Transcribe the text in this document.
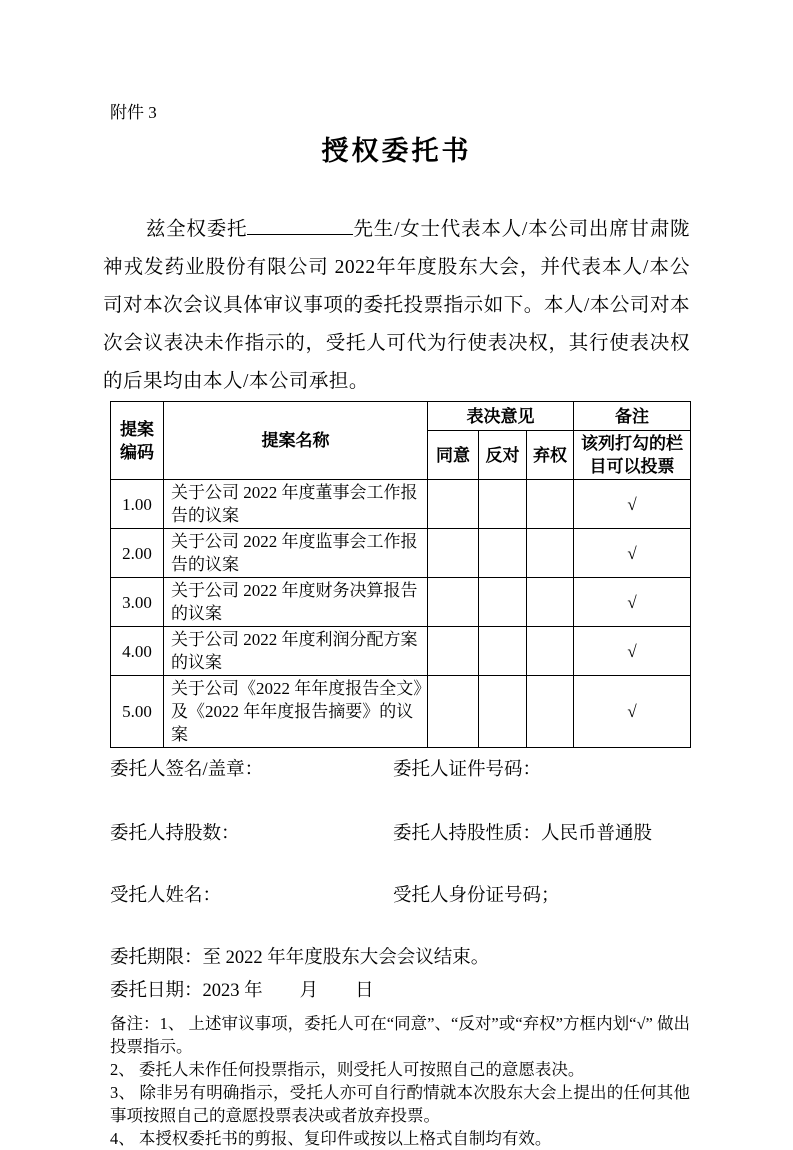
附件 3
授权委托书

兹全权委托	先生/女士代表本人/本公司出席甘肃陇神戎发药业股份有限公司 2022年年度股东大会，并代表本人/本公司对本次会议具体审议事项的委托投票指示如下。本人/本公司对本次会议表决未作指示的，受托人可代为行使表决权，其行使表决权的后果均由本人/本公司承担。

提案编码	提案名称	表决意见			备注
		同意	反对	弃权	该列打勾的栏目可以投票
1.00	关于公司 2022 年度董事会工作报告的议案				√
2.00	关于公司 2022 年度监事会工作报告的议案				√
3.00	关于公司 2022 年度财务决算报告的议案				√
4.00	关于公司 2022 年度利润分配方案的议案				√
5.00	关于公司《2022 年年度报告全文》及《2022 年年度报告摘要》的议案				√
委托人签名/盖章：	委托人证件号码：
委托人持股数：	委托人持股性质：人民币普通股
受托人姓名：	受托人身份证号码；
委托期限：至 2022 年年度股东大会会议结束。
委托日期：2023 年　　月　　日
备注：1、 上述审议事项，委托人可在“同意”、“反对”或“弃权”方框内划“√” 做出投票指示。
2、 委托人未作任何投票指示，则受托人可按照自己的意愿表决。
3、 除非另有明确指示，受托人亦可自行酌情就本次股东大会上提出的任何其他事项按照自己的意愿投票表决或者放弃投票。
4、 本授权委托书的剪报、复印件或按以上格式自制均有效。
